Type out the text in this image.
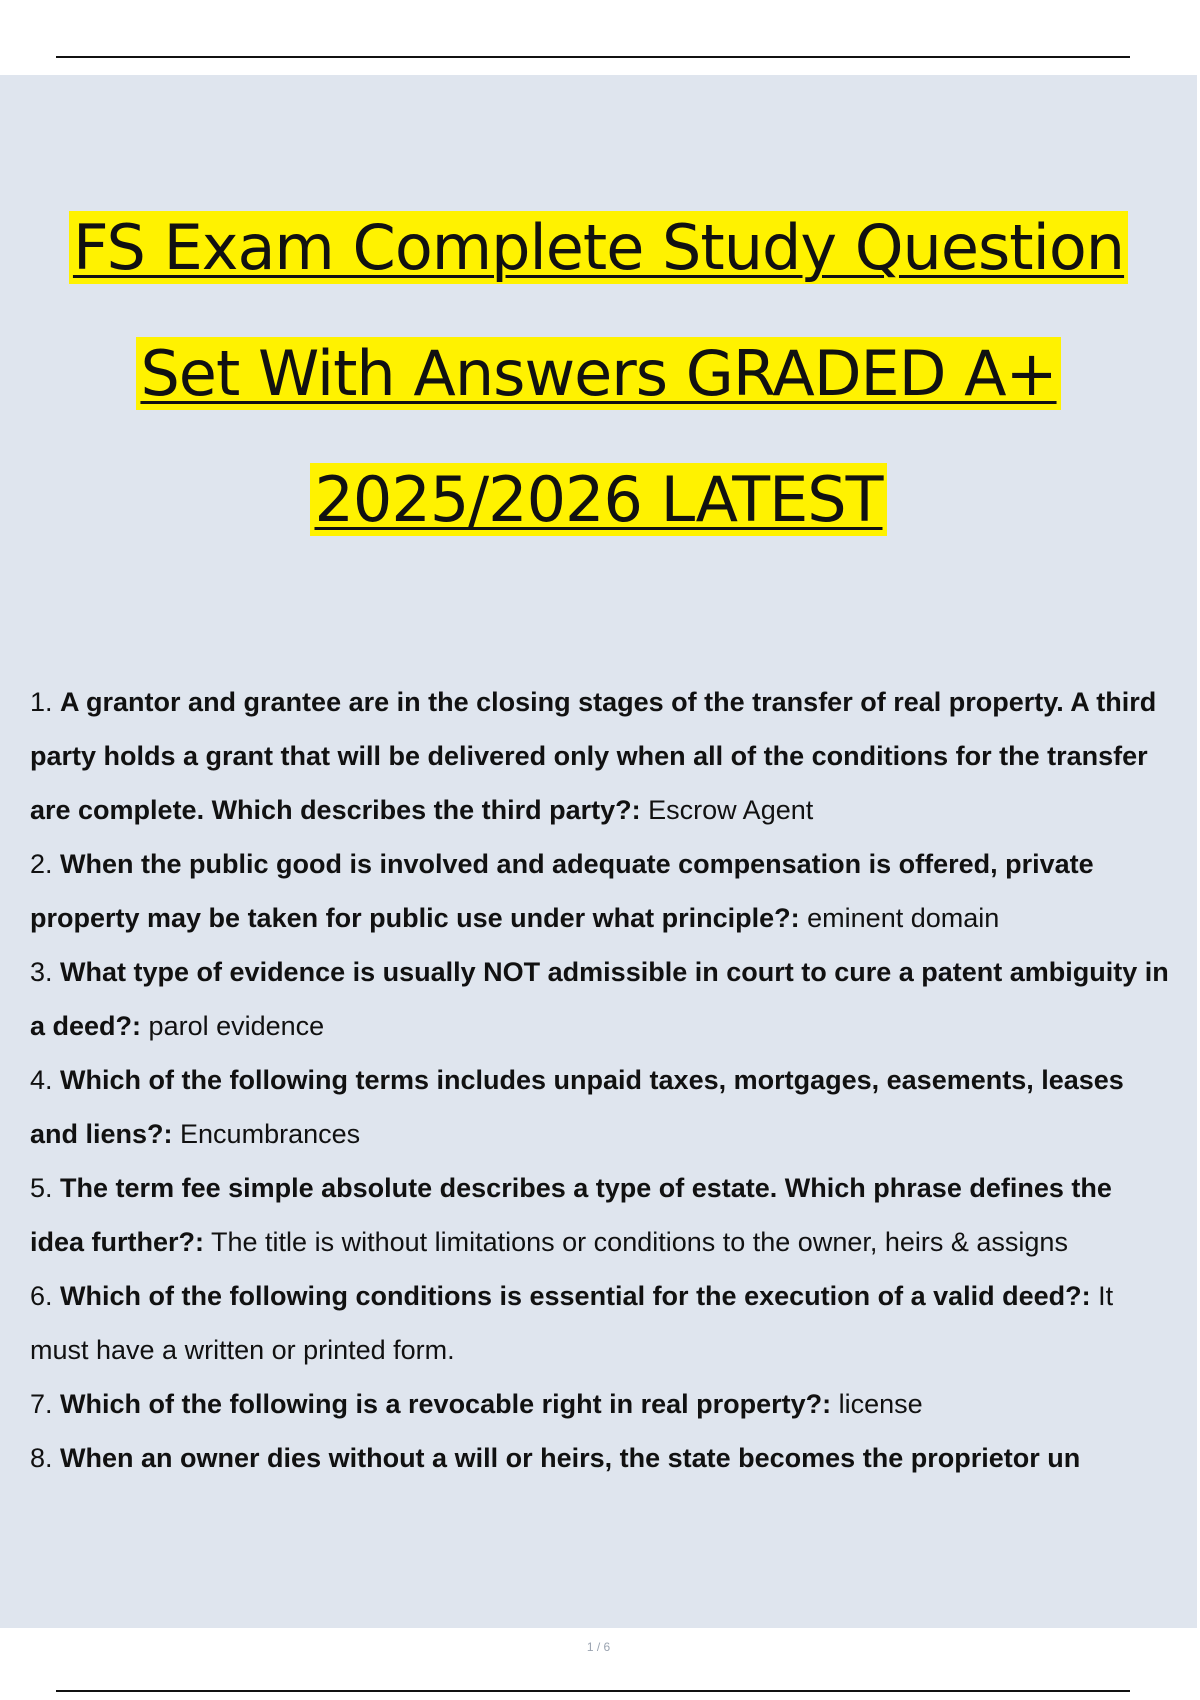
FS Exam Complete Study Question
Set With Answers GRADED A+
2025/2026 LATEST

1. A grantor and grantee are in the closing stages of the transfer of real property. A third party holds a grant that will be delivered only when all of the conditions for the transfer are complete. Which describes the third party?: Escrow Agent

2. When the public good is involved and adequate compensation is offered, private property may be taken for public use under what principle?: eminent domain

3. What type of evidence is usually NOT admissible in court to cure a patent ambiguity in a deed?: parol evidence

4. Which of the following terms includes unpaid taxes, mortgages, easements, leases and liens?: Encumbrances

5. The term fee simple absolute describes a type of estate. Which phrase defines the idea further?: The title is without limitations or conditions to the owner, heirs & assigns

6. Which of the following conditions is essential for the execution of a valid deed?: It must have a written or printed form.

7. Which of the following is a revocable right in real property?: license

8. When an owner dies without a will or heirs, the state becomes the proprietor un

1 / 6
